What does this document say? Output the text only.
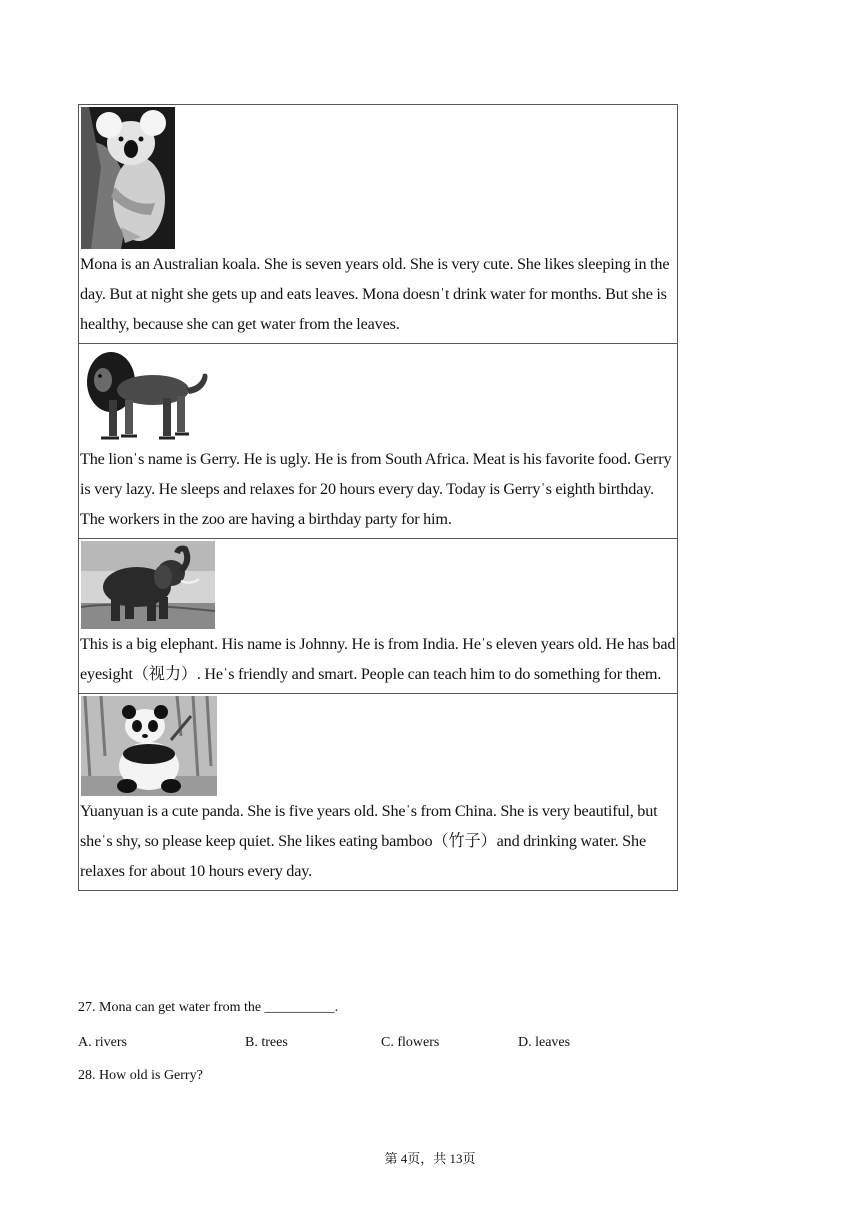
Mona is an Australian koala. She is seven years old. She is very cute. She likes sleeping in the day. But at night she gets up and eats leaves. Mona doesnˈt drink water for months. But she is healthy, because she can get water from the leaves.

The lionˈs name is Gerry. He is ugly. He is from South Africa. Meat is his favorite food. Gerry is very lazy. He sleeps and relaxes for 20 hours every day. Today is Gerryˈs eighth birthday. The workers in the zoo are having a birthday party for him.

This is a big elephant. His name is Johnny. He is from India. Heˈs eleven years old. He has bad eyesight（视力）. Heˈs friendly and smart. People can teach him to do something for them.

Yuanyuan is a cute panda. She is five years old. Sheˈs from China. She is very beautiful, but sheˈs shy, so please keep quiet. She likes eating bamboo（竹子）and drinking water. She relaxes for about 10 hours every day.

27. Mona can get water from the __________.

A. rivers	B. trees	C. flowers	D. leaves

28. How old is Gerry?

第 4页，共 13页
